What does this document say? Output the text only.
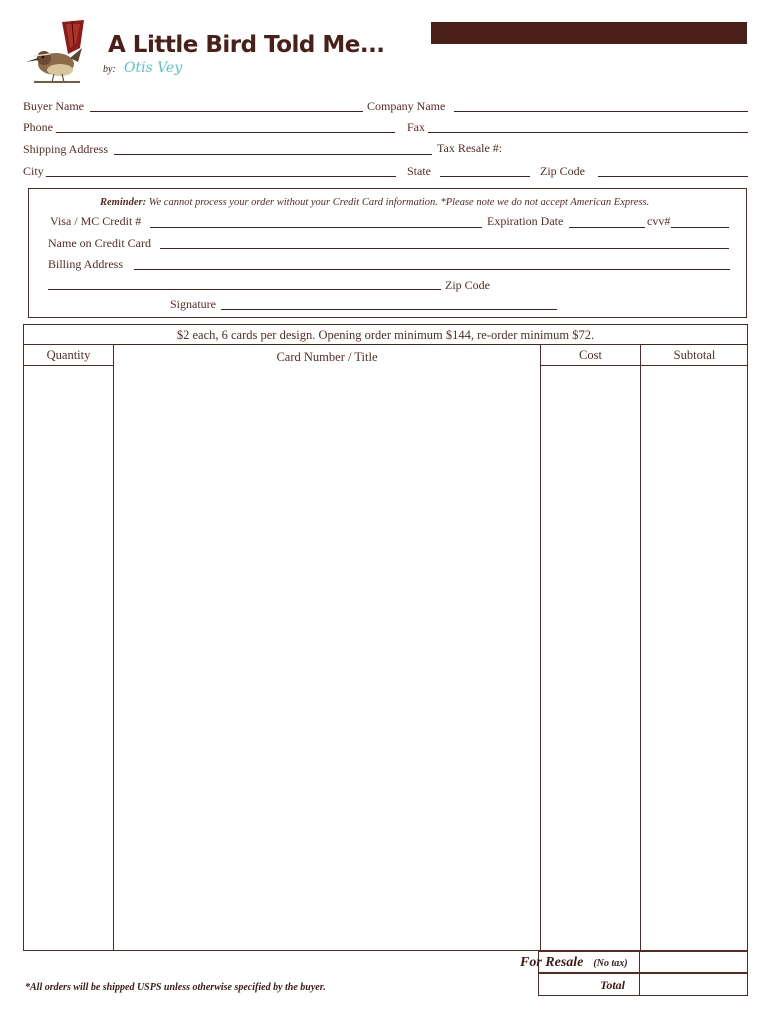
A Little Bird Told Me...
by: Otis Vey
Buyer Name	Company Name
Phone	Fax
Shipping Address	Tax Resale #:
City	State	Zip Code
Reminder: We cannot process your order without your Credit Card information. *Please note we do not accept American Express.
Visa / MC Credit #	Expiration Date	cvv#
Name on Credit Card
Billing Address
Zip Code
Signature
$2 each, 6 cards per design. Opening order minimum $144, re-order minimum $72.
Quantity	Card Number / Title	Cost	Subtotal
For Resale (No tax)
Total
*All orders will be shipped USPS unless otherwise specified by the buyer.
